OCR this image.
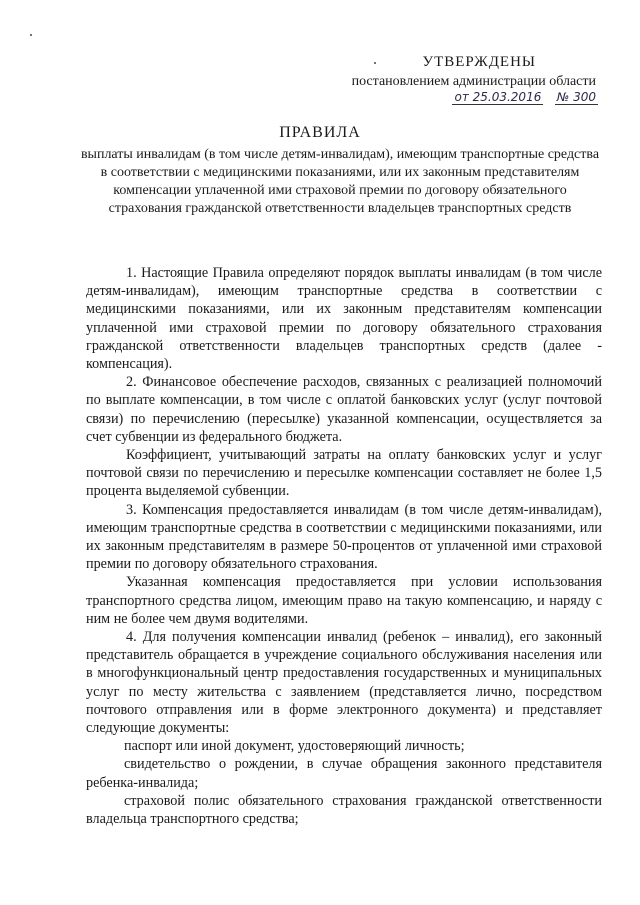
УТВЕРЖДЕНЫ
постановлением администрации области
от 25.03.2016 № 300
ПРАВИЛА
выплаты инвалидам (в том числе детям-инвалидам), имеющим транспортные средства в соответствии с медицинскими показаниями, или их законным представителям компенсации уплаченной ими страховой премии по договору обязательного страхования гражданской ответственности владельцев транспортных средств

1. Настоящие Правила определяют порядок выплаты инвалидам (в том числе детям-инвалидам), имеющим транспортные средства в соответствии с медицинскими показаниями, или их законным представителям компенсации уплаченной ими страховой премии по договору обязательного страхования гражданской ответственности владельцев транспортных средств (далее - компенсация).

2. Финансовое обеспечение расходов, связанных с реализацией полномочий по выплате компенсации, в том числе с оплатой банковских услуг (услуг почтовой связи) по перечислению (пересылке) указанной компенсации, осуществляется за счет субвенции из федерального бюджета.

Коэффициент, учитывающий затраты на оплату банковских услуг и услуг почтовой связи по перечислению и пересылке компенсации составляет не более 1,5 процента выделяемой субвенции.

3. Компенсация предоставляется инвалидам (в том числе детям-инвалидам), имеющим транспортные средства в соответствии с медицинскими показаниями, или их законным представителям в размере 50-процентов от уплаченной ими страховой премии по договору обязательного страхования.

Указанная компенсация предоставляется при условии использования транспортного средства лицом, имеющим право на такую компенсацию, и наряду с ним не более чем двумя водителями.

4. Для получения компенсации инвалид (ребенок – инвалид), его законный представитель обращается в учреждение социального обслуживания населения или в многофункциональный центр предоставления государственных и муниципальных услуг по месту жительства с заявлением (представляется лично, посредством почтового отправления или в форме электронного документа) и представляет следующие документы:

паспорт или иной документ, удостоверяющий личность;

свидетельство о рождении, в случае обращения законного представителя ребенка-инвалида;

страховой полис обязательного страхования гражданской ответственности владельца транспортного средства;
